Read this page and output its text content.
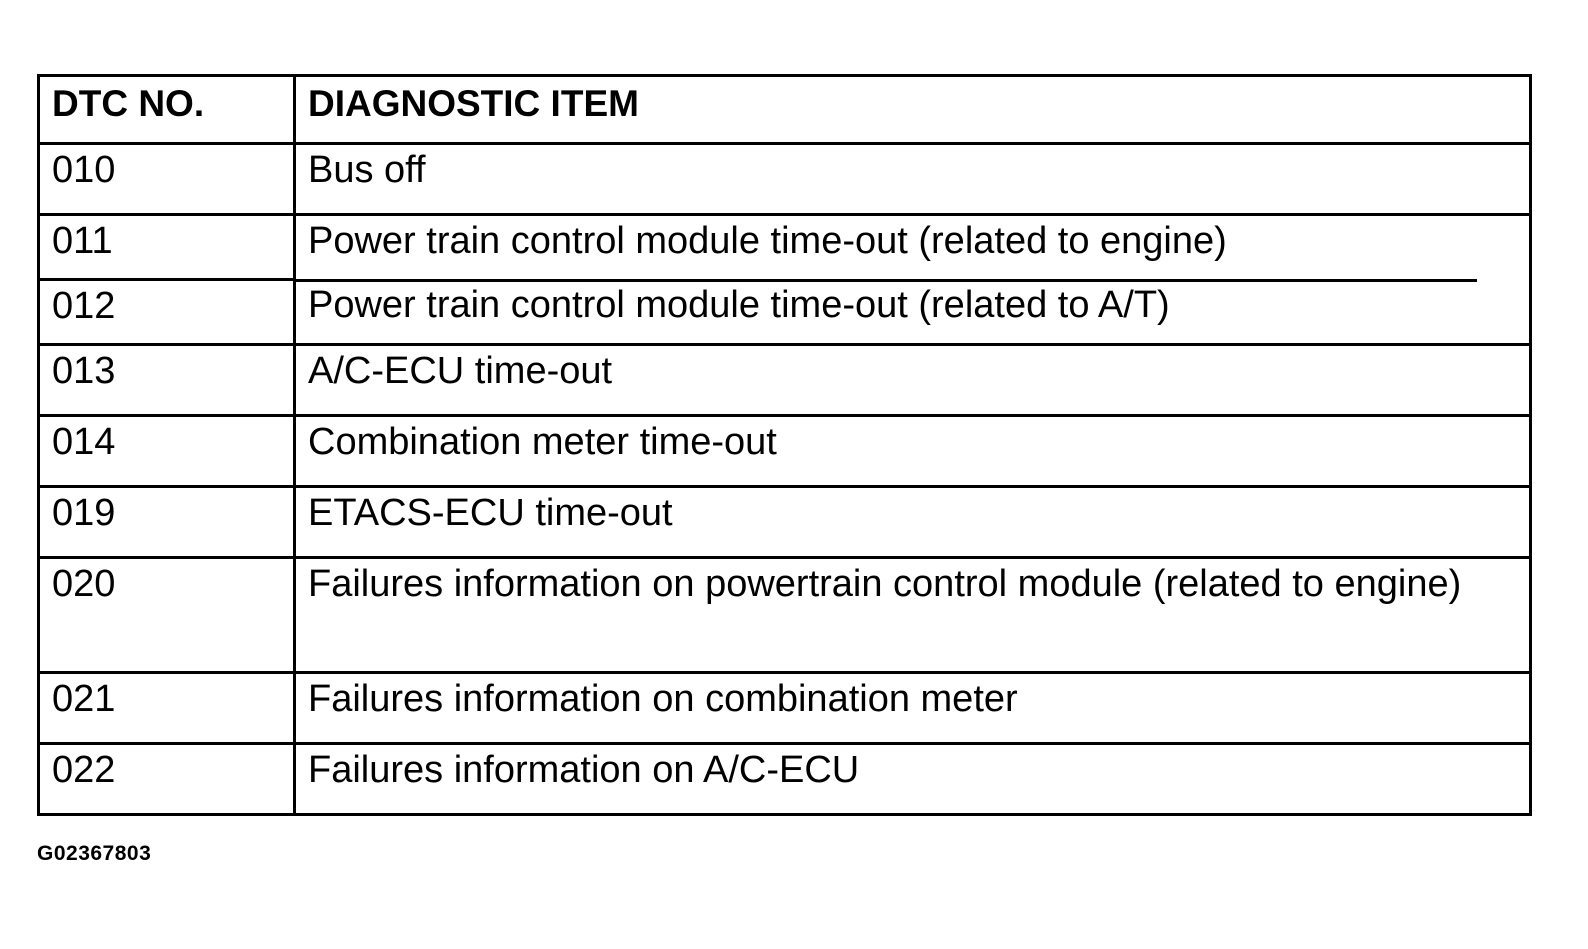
DTC NO.	DIAGNOSTIC ITEM
010	Bus off
011	Power train control module time-out (related to engine)

012	Power train control module time-out (related to A/T)
013	A/C-ECU time-out
014	Combination meter time-out
019	ETACS-ECU time-out
020	Failures information on powertrain control module (related to engine)
021	Failures information on combination meter
022	Failures information on A/C-ECU
G02367803
